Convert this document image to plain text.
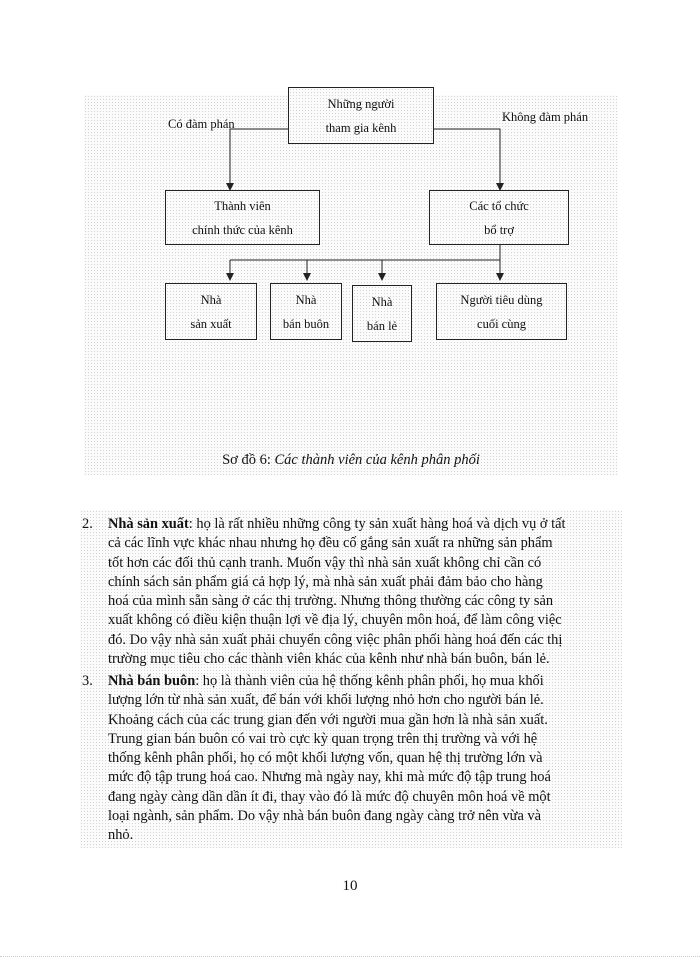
Những người
tham gia kênh
Có đàm phán	Không đàm phán
Thành viên
chính thức của kênh
Các tổ chức
bổ trợ
Nhà
sản xuất
Nhà
bán buôn
Nhà
bán lẻ
Người tiêu dùng
cuối cùng
Sơ đồ 6: Các thành viên của kênh phân phối
2. Nhà sản xuất: họ là rất nhiều những công ty sản xuất hàng hoá và dịch vụ ở tất
cả các lĩnh vực khác nhau nhưng họ đều cố gắng sản xuất ra những sản phẩm
tốt hơn các đối thủ cạnh tranh. Muốn vậy thì nhà sản xuất không chỉ cần có
chính sách sản phẩm giá cả hợp lý, mà nhà sản xuất phải đảm bảo cho hàng
hoá của mình sẵn sàng ở các thị trường. Nhưng thông thường các công ty sản
xuất không có điều kiện thuận lợi về địa lý, chuyên môn hoá, để làm công việc
đó. Do vậy nhà sản xuất phải chuyển công việc phân phối hàng hoá đến các thị
trường mục tiêu cho các thành viên khác của kênh như nhà bán buôn, bán lẻ.
3. Nhà bán buôn: họ là thành viên của hệ thống kênh phân phối, họ mua khối
lượng lớn từ nhà sản xuất, để bán với khối lượng nhỏ hơn cho người bán lẻ.
Khoảng cách của các trung gian đến với người mua gần hơn là nhà sản xuất.
Trung gian bán buôn có vai trò cực kỳ quan trọng trên thị trường và với hệ
thống kênh phân phối, họ có một khối lượng vốn, quan hệ thị trường lớn và
mức độ tập trung hoá cao. Nhưng mà ngày nay, khi mà mức độ tập trung hoá
đang ngày càng dần dần ít đi, thay vào đó là mức độ chuyên môn hoá về một
loại ngành, sản phẩm. Do vậy nhà bán buôn đang ngày càng trở nên vừa và
nhỏ.
10
